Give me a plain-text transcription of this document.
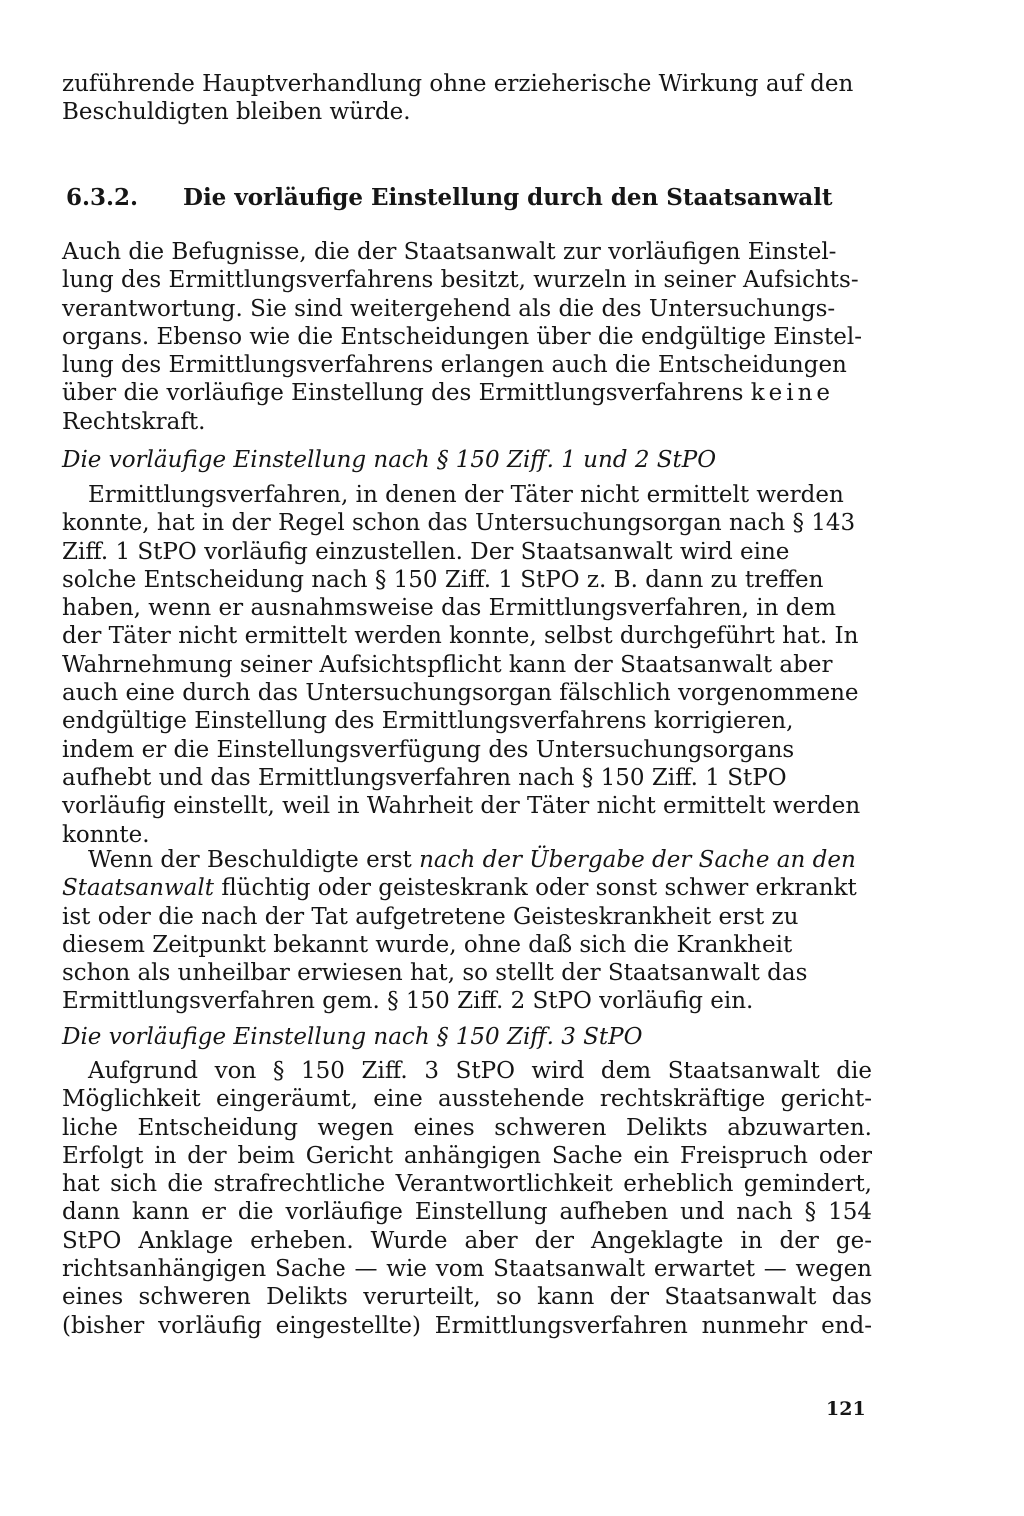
zuführende Hauptverhandlung ohne erzieherische Wirkung auf den
Beschuldigten bleiben würde.
6.3.2. Die vorläufige Einstellung durch den Staatsanwalt
Auch die Befugnisse, die der Staatsanwalt zur vorläufigen Einstel-
lung des Ermittlungsverfahrens besitzt, wurzeln in seiner Aufsichts-
verantwortung. Sie sind weitergehend als die des Untersuchungs-
organs. Ebenso wie die Entscheidungen über die endgültige Einstel-
lung des Ermittlungsverfahrens erlangen auch die Entscheidungen
über die vorläufige Einstellung des Ermittlungsverfahrens keine
Rechtskraft.
Die vorläufige Einstellung nach § 150 Ziff. 1 und 2 StPO
Ermittlungsverfahren, in denen der Täter nicht ermittelt werden
konnte, hat in der Regel schon das Untersuchungsorgan nach § 143
Ziff. 1 StPO vorläufig einzustellen. Der Staatsanwalt wird eine
solche Entscheidung nach § 150 Ziff. 1 StPO z. B. dann zu treffen
haben, wenn er ausnahmsweise das Ermittlungsverfahren, in dem
der Täter nicht ermittelt werden konnte, selbst durchgeführt hat. In
Wahrnehmung seiner Aufsichtspflicht kann der Staatsanwalt aber
auch eine durch das Untersuchungsorgan fälschlich vorgenommene
endgültige Einstellung des Ermittlungsverfahrens korrigieren,
indem er die Einstellungsverfügung des Untersuchungsorgans
aufhebt und das Ermittlungsverfahren nach § 150 Ziff. 1 StPO
vorläufig einstellt, weil in Wahrheit der Täter nicht ermittelt werden
konnte.
Wenn der Beschuldigte erst nach der Übergabe der Sache an den
Staatsanwalt flüchtig oder geisteskrank oder sonst schwer erkrankt
ist oder die nach der Tat aufgetretene Geisteskrankheit erst zu
diesem Zeitpunkt bekannt wurde, ohne daß sich die Krankheit
schon als unheilbar erwiesen hat, so stellt der Staatsanwalt das
Ermittlungsverfahren gem. § 150 Ziff. 2 StPO vorläufig ein.
Die vorläufige Einstellung nach § 150 Ziff. 3 StPO
Aufgrund von § 150 Ziff. 3 StPO wird dem Staatsanwalt die
Möglichkeit eingeräumt, eine ausstehende rechtskräftige gericht-
liche Entscheidung wegen eines schweren Delikts abzuwarten.
Erfolgt in der beim Gericht anhängigen Sache ein Freispruch oder
hat sich die strafrechtliche Verantwortlichkeit erheblich gemindert,
dann kann er die vorläufige Einstellung aufheben und nach § 154
StPO Anklage erheben. Wurde aber der Angeklagte in der ge-
richtsanhängigen Sache — wie vom Staatsanwalt erwartet — wegen
eines schweren Delikts verurteilt, so kann der Staatsanwalt das
(bisher vorläufig eingestellte) Ermittlungsverfahren nunmehr end-
121
